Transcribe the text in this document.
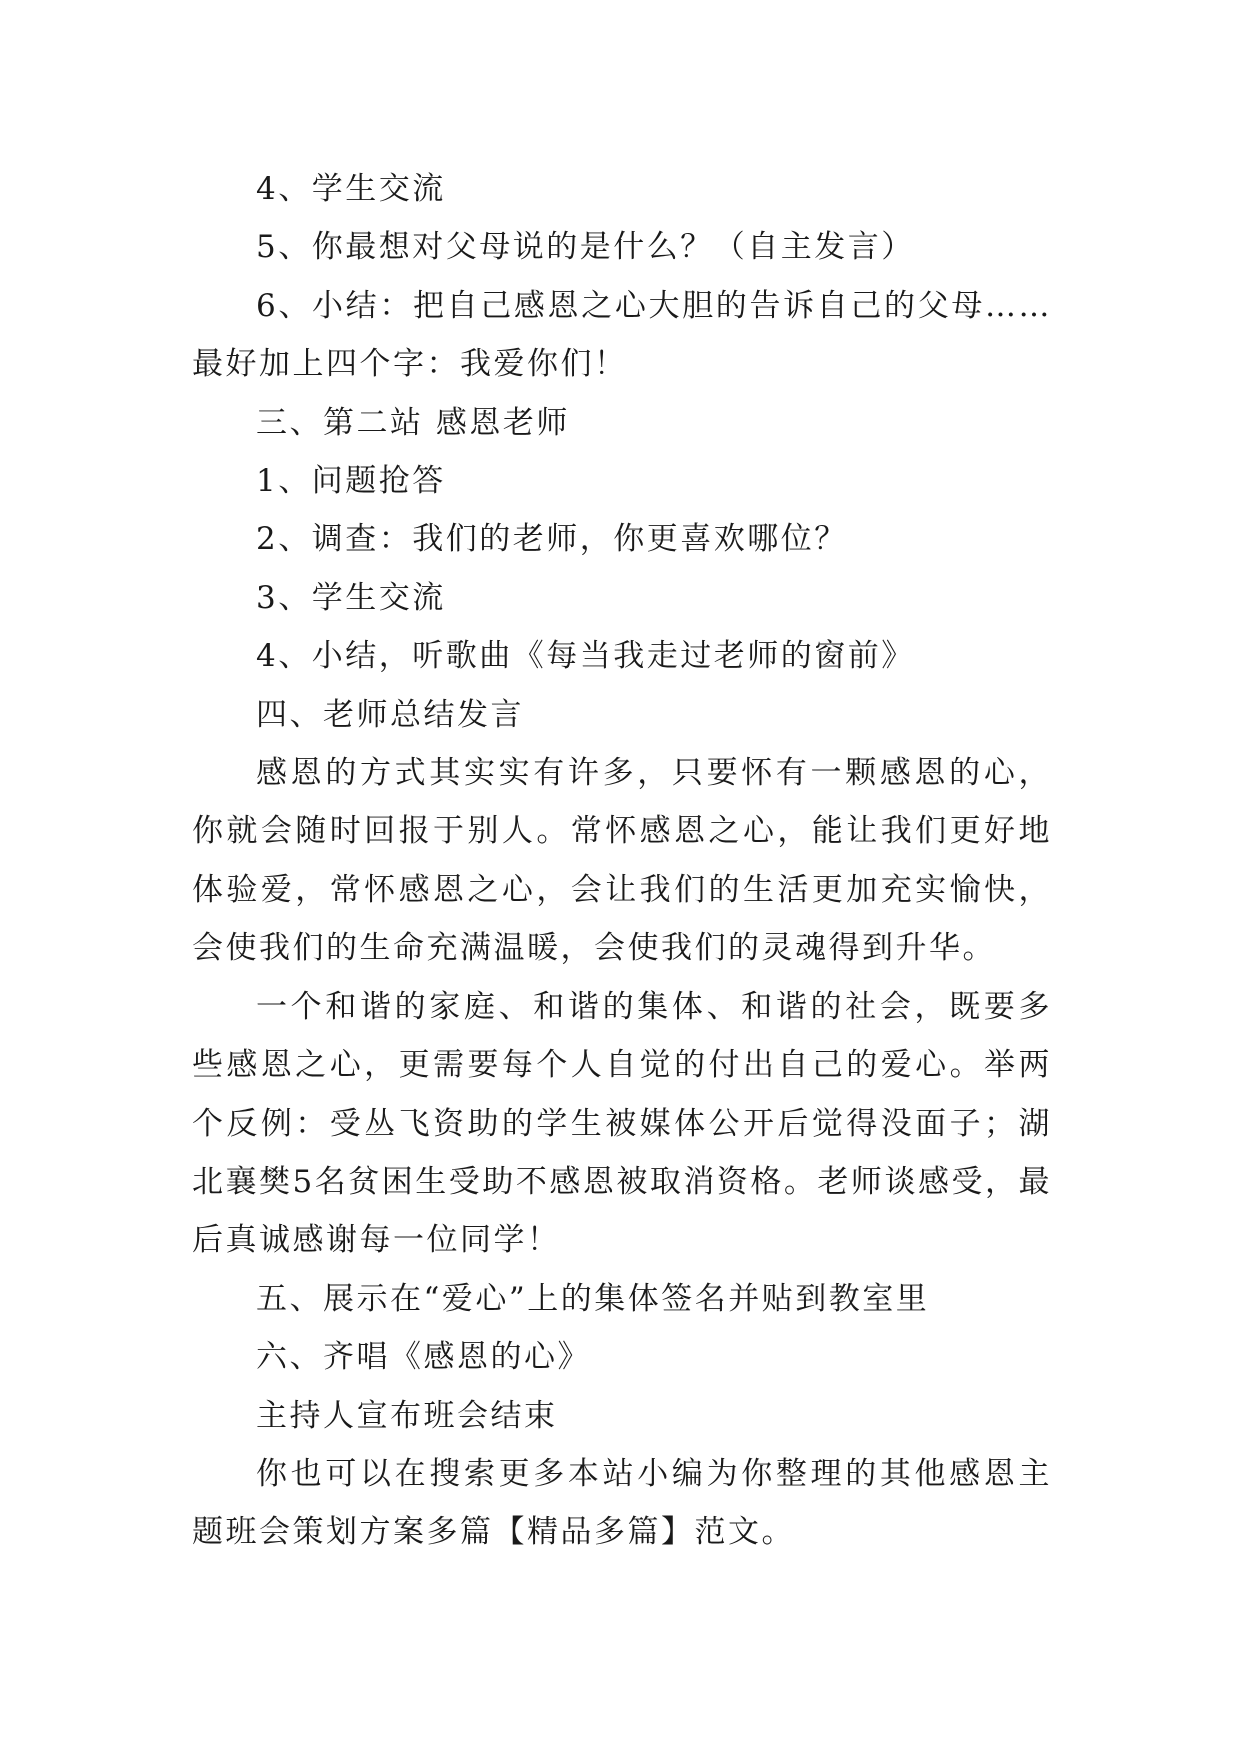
4、学生交流

5、你最想对父母说的是什么？（自主发言）

6、小结：把自己感恩之心大胆的告诉自己的父母……最好加上四个字：我爱你们！

三、第二站 感恩老师

1、问题抢答

2、调查：我们的老师，你更喜欢哪位？

3、学生交流

4、小结，听歌曲《每当我走过老师的窗前》

四、老师总结发言

感恩的方式其实实有许多，只要怀有一颗感恩的心，你就会随时回报于别人。常怀感恩之心，能让我们更好地体验爱，常怀感恩之心，会让我们的生活更加充实愉快，会使我们的生命充满温暖，会使我们的灵魂得到升华。

一个和谐的家庭、和谐的集体、和谐的社会，既要多些感恩之心，更需要每个人自觉的付出自己的爱心。举两个反例：受丛飞资助的学生被媒体公开后觉得没面子；湖北襄樊5名贫困生受助不感恩被取消资格。老师谈感受，最后真诚感谢每一位同学！

五、展示在“爱心”上的集体签名并贴到教室里

六、齐唱《感恩的心》

主持人宣布班会结束

你也可以在搜索更多本站小编为你整理的其他感恩主题班会策划方案多篇【精品多篇】范文。
